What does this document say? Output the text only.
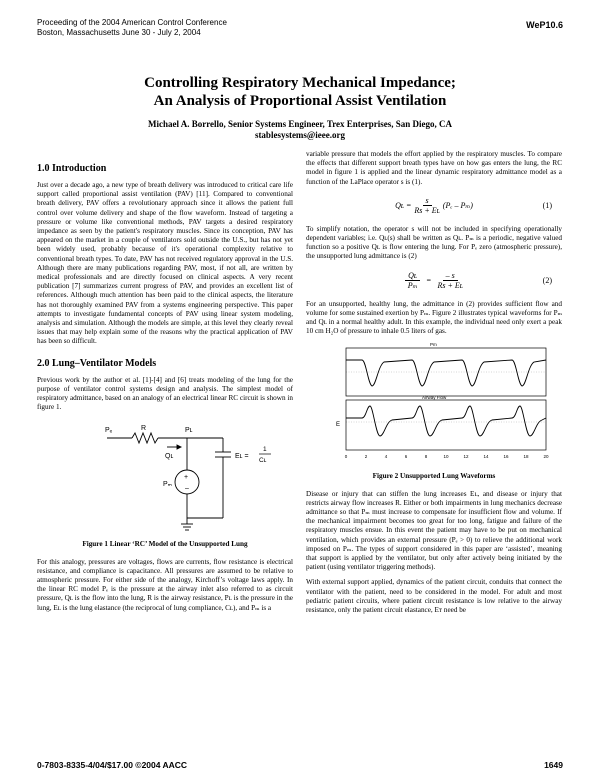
Proceeding of the 2004 American Control Conference
Boston, Massachusetts June 30 - July 2, 2004
WeP10.6
Controlling Respiratory Mechanical Impedance;
An Analysis of Proportional Assist Ventilation
Michael A. Borrello, Senior Systems Engineer, Trex Enterprises, San Diego, CA
stablesystems@ieee.org
1.0 Introduction

Just over a decade ago, a new type of breath delivery was introduced to critical care life support called proportional assist ventilation (PAV) [11]. Compared to conventional breath delivery, PAV offers a revolutionary approach since it allows the patient full control over volume delivery and shape of the flow waveform. Instead of targeting a pressure or volume like conventional methods, PAV targets a desired respiratory impedance as seen by the patient's respiratory muscles. Since its conception, PAV has appeared on the market in a couple of ventilators sold outside the U.S., but has not yet been widely used, probably because of it's operational complexity relative to conventional breath types. To date, PAV has not received regulatory approval in the U.S. Although there are many publications regarding PAV, most, if not all, are written by medical professionals and are directly focused on clinical aspects. A very recent publication [7] summarizes current progress of PAV, and provides an excellent list of references. Although much attention has been paid to the clinical aspects, the literature has not thoroughly examined PAV from a systems engineering perspective. This paper attempts to investigate fundamental concepts of PAV using linear system modeling, analysis and simulation. Although the models are simple, at this level they clearly reveal issues that may help explain some of the reasons why the practical application of PAV has been so difficult.

2.0 Lung–Ventilator Models

Previous work by the author et al. [1]-[4] and [6] treats modeling of the lung for the purpose of ventilator control systems design and analysis. The simplest model of respiratory admittance, based on an analogy of an electrical linear RC circuit is shown in figure 1.

Pₑ	R	Pʟ
Qʟ	Eʟ =
1
Cʟ
+
–
Pₘ
Figure 1 Linear ‘RC’ Model of the Unsupported Lung

For this analogy, pressures are voltages, flows are currents, flow resistance is electrical resistance, and compliance is capacitance. All pressures are assumed to be relative to atmospheric pressure. For either side of the analogy, Kirchoff’s voltage laws apply. In the linear RC model Pₑ is the pressure at the airway inlet also referred to as circuit pressure, Qʟ is the flow into the lung, R is the airway resistance, Pʟ is the pressure in the lung, Eʟ is the lung elastance (the reciprocal of lung compliance, Cʟ), and Pₘ is a

variable pressure that models the effort applied by the respiratory muscles. To compare the effects that different support breath types have on how gas enters the lung, the RC model in figure 1 is applied and the linear dynamic respiratory admittance model as a function of the LaPlace operator s is (1).

Qʟ = $\frac{s}{\text{Rs + Eʟ}} (P_e - P_m)$	(1)

To simplify notation, the operator s will not be included in specifying operationally dependent variables; i.e. Qʟ(s) shall be written as Qʟ. Pₘ is a periodic, negative valued function so a positive Qʟ is flow entering the lung. For Pₑ zero (atmospheric pressure), the unsupported lung admittance is (2)

$\frac{\text{Qʟ}}{\text{Pₘ}} = \frac{- s}{\text{Rs + Eʟ}}$	(2)

For an unsupported, healthy lung, the admittance in (2) provides sufficient flow and volume for some sustained exertion by Pₘ. Figure 2 illustrates typical waveforms for Pₘ and Qʟ in a normal healthy adult. In this example, the individual need only exert a peak 10 cm H₂O of pressure to inhale 0.5 liters of gas.

Pm
Airway Flow
E
0	2	4	6	8	10	12	14	16	18	20
Figure 2 Unsupported Lung Waveforms

Disease or injury that can stiffen the lung increases Eʟ, and disease or injury that restricts airway flow increases R. Either or both impairments in lung mechanics decrease admittance so that Pₘ must increase to compensate for insufficient flow and volume. If the mechanical impairment becomes too great for too long, fatigue and failure of the respiratory muscles ensue. In this event the patient may have to be put on mechanical ventilation, which provides an external pressure (Pₑ > 0) to relieve the additional work imposed on Pₘ. The types of support considered in this paper are ‘assisted’, meaning that support is applied by the ventilator, but only after actively being initiated by the patient (using ventilator triggering methods).

With external support applied, dynamics of the patient circuit, conduits that connect the ventilator with the patient, need to be considered in the model. For adult and most pediatric patient circuits, where patient circuit resistance is low relative to the airway resistance, only the patient circuit elastance, Eᴛ need be

0-7803-8335-4/04/$17.00 ©2004 AACC	1649
